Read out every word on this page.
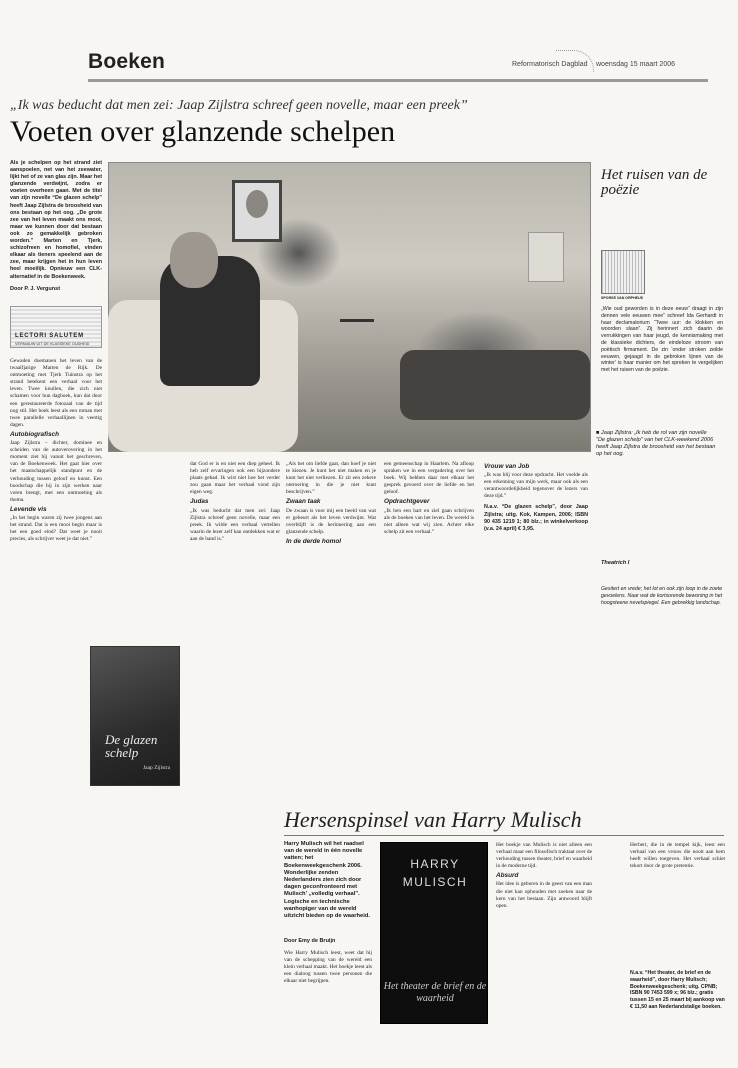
Boeken	Reformatorisch Dagblad woensdag 15 maart 2006
„Ik was beducht dat men zei: Jaap Zijlstra schreef geen novelle, maar een preek”
Voeten over glanzende schelpen
Als je schelpen op het strand ziet aanspoelen, net van het zeewater, lijkt het of ze van glas zijn. Maar het glanzende verdwijnt, zodra er voeten overheen gaan. Met de titel van zijn novelle “De glazen schelp” heeft Jaap Zijlstra de broosheid van ons bestaan op het oog. „De grote zee van het leven maakt ons mooi, maar we kunnen door dat bestaan ook zo gemakkelijk gebroken worden.” Marten en Tjerk, schizofreen en homofiel, vinden elkaar als tieners speelend aan de zee, maar krijgen het in hun leven heel moeilijk. Opnieuw een CLK-alternatief in de Boekenweek.
Door P. J. Vergunst
LECTORI SALUTEM
VERNIAUW UIT DE KLASSIEKE OUDHEID
■ Jaap Zijlstra: „Ik heb de rol van zijn novelle “De glazen schelp” van het CLK-weekend 2006 heeft Jaap Zijlstra de broosheid van het bestaan op het oog.
Gewaden doemanen het leven van de twaalfjarige Marten de Rijk. De ontmoeting met Tjerk Tuinstra op het strand betekent een verhaal voor het leven. Twee knullen, die zich niet schamen voor hun dagboek, kun dat door een gerestaureerde fotozaal van de tijd nog stil. Het boek leest als een roman met twee parallelle verhaallijnen in veertig dagen.
Autobiografisch
Jaap Zijlstra – dichter, dominee en scheiden van de autoverovering in het moment ziet hij vanuit het geschreven, van de Boekenweek. Het gaat hier over het maatschappelijk standpunt en de verhouding tussen geloof en kunst. Een boodschap die hij in zijn werken naar voren brengt, met een ontmoeting als thema.
Levende vis
„In het begin waren zij twee jongens aan het strand. Dat is een mooi begin maar is het een goed eind? Dat weet je nooit precies, als schrijver weet je dat niet.”
De glazen schelp
Jaap Zijlstra
dat God er is en niet een diep geheel. Ik heb zelf ervaringen ook een bijzondere plaats gehad. Ik wist niet hoe het verder zou gaan maar het verhaal vond zijn eigen weg.
Judas
„Ik was beducht dat men zei: Jaap Zijlstra schreef geen novelle, maar een preek. Ik wilde een verhaal vertellen waarin de lezer zelf kan ontdekken wat er aan de hand is.”
„Als het om liefde gaat, dan hoef je niet te kiezen. Je kunt het niet maken en je kunt het niet verliezen. Er zit een zekere ontroering in die je niet kunt beschrijven.”
Zwaan taak
De zwaan is voor mij een beeld van wat er gebeurt als het leven verdwijnt. Wat overblijft is de herinnering aan een glanzende schelp.
In de derde homol
een gemeenschap in Haarlem. Na afloop spraken we in een vergadering over het boek. Wij hebben daar met elkaar het gesprek gevoerd over de liefde en het geloof.
Opdrachtgever
„Ik ben een hart en ziel gaan schrijven als de boeken van het leven. De wereld is niet alleen wat wij zien. Achter elke schelp zit een verhaal.”
Vrouw van Job
„Ik was blij voor deze opdracht. Het voelde als een erkenning van mijn werk, maar ook als een verantwoordelijkheid tegenover de lezers van deze tijd.”
N.a.v. “De glazen schelp”, door Jaap Zijlstra; uitg. Kok, Kampen, 2006; ISBN 90 435 1219 1; 80 blz.; in winkelverkoop (v.a. 24 april) € 3,95.
Het ruisen van de poëzie
SPORSE VAN ORPHEUS
„Wie oud geworden is in deze eeuw” draagt in zijn dennen vele eeuwen mee” schreef Ida Gerhardt in haar declamatorium “Twee uur: de klokken en woorden slaan”. Zij herinnert zich daarin de verrukkingen van haar jeugd, de kennismaking met de klassieke dichters, de eindeloze stroom van poëtisch firmament. De zin ‘onder stroken zeilde eeuwen, gejaagd in de gebroken lijnen van de winter’ is haar manier om het spreken te vergelijken met het ruisen van de poëzie.
Gesitert en vrede; het lot en ook zijn loop in de zoete gevoelens. Naar wat de kortsorende bewoning in het hoogsteene nevelspiegel. Een gebrekkig landschap.
Theatrich I
Hersenspinsel van Harry Mulisch
Harry Mulisch wil het raadsel van de wereld in één novelle vatten; het Boekenweekgeschenk 2006. Wonderlijke zenden Nederlanders zien zich door dagen geconfronteerd met Mulisch' „volledig verhaal”. Logische en technische wanhopiger van de wereld uitzicht bieden op de waarheid.
Door Emy de Bruijn
Wie Harry Mulisch leest, weet dat hij van de schepping van de wereld een klein verhaal maakt. Het boekje leest als een dialoog tussen twee personen die elkaar niet begrijpen.
HARRY
MULISCH
Het theater de brief en de waarheid
Het boekje van Mulisch is niet alleen een verhaal maar een filosofisch traktaat over de verhouding tussen theater, brief en waarheid in de moderne tijd.
Absurd
Het idee is geboren in de geest van een man die niet kan ophouden met zoeken naar de kern van het bestaan. Zijn antwoord blijft open.
Herbert, die in de tempel kijk, leest een verhaal van een vrouw die nooit aan hem heeft willen toegeven. Het verhaal schiet tekort door de grote pretentie.
N.a.v. “Het theater, de brief en de waarheid”, door Harry Mulisch; Boekenweekgeschenk; uitg. CPNB; ISBN 90 7453 599 x; 96 blz.; gratis tussen 15 en 25 maart bij aankoop van € 11,50 aan Nederlandstalige boeken.
